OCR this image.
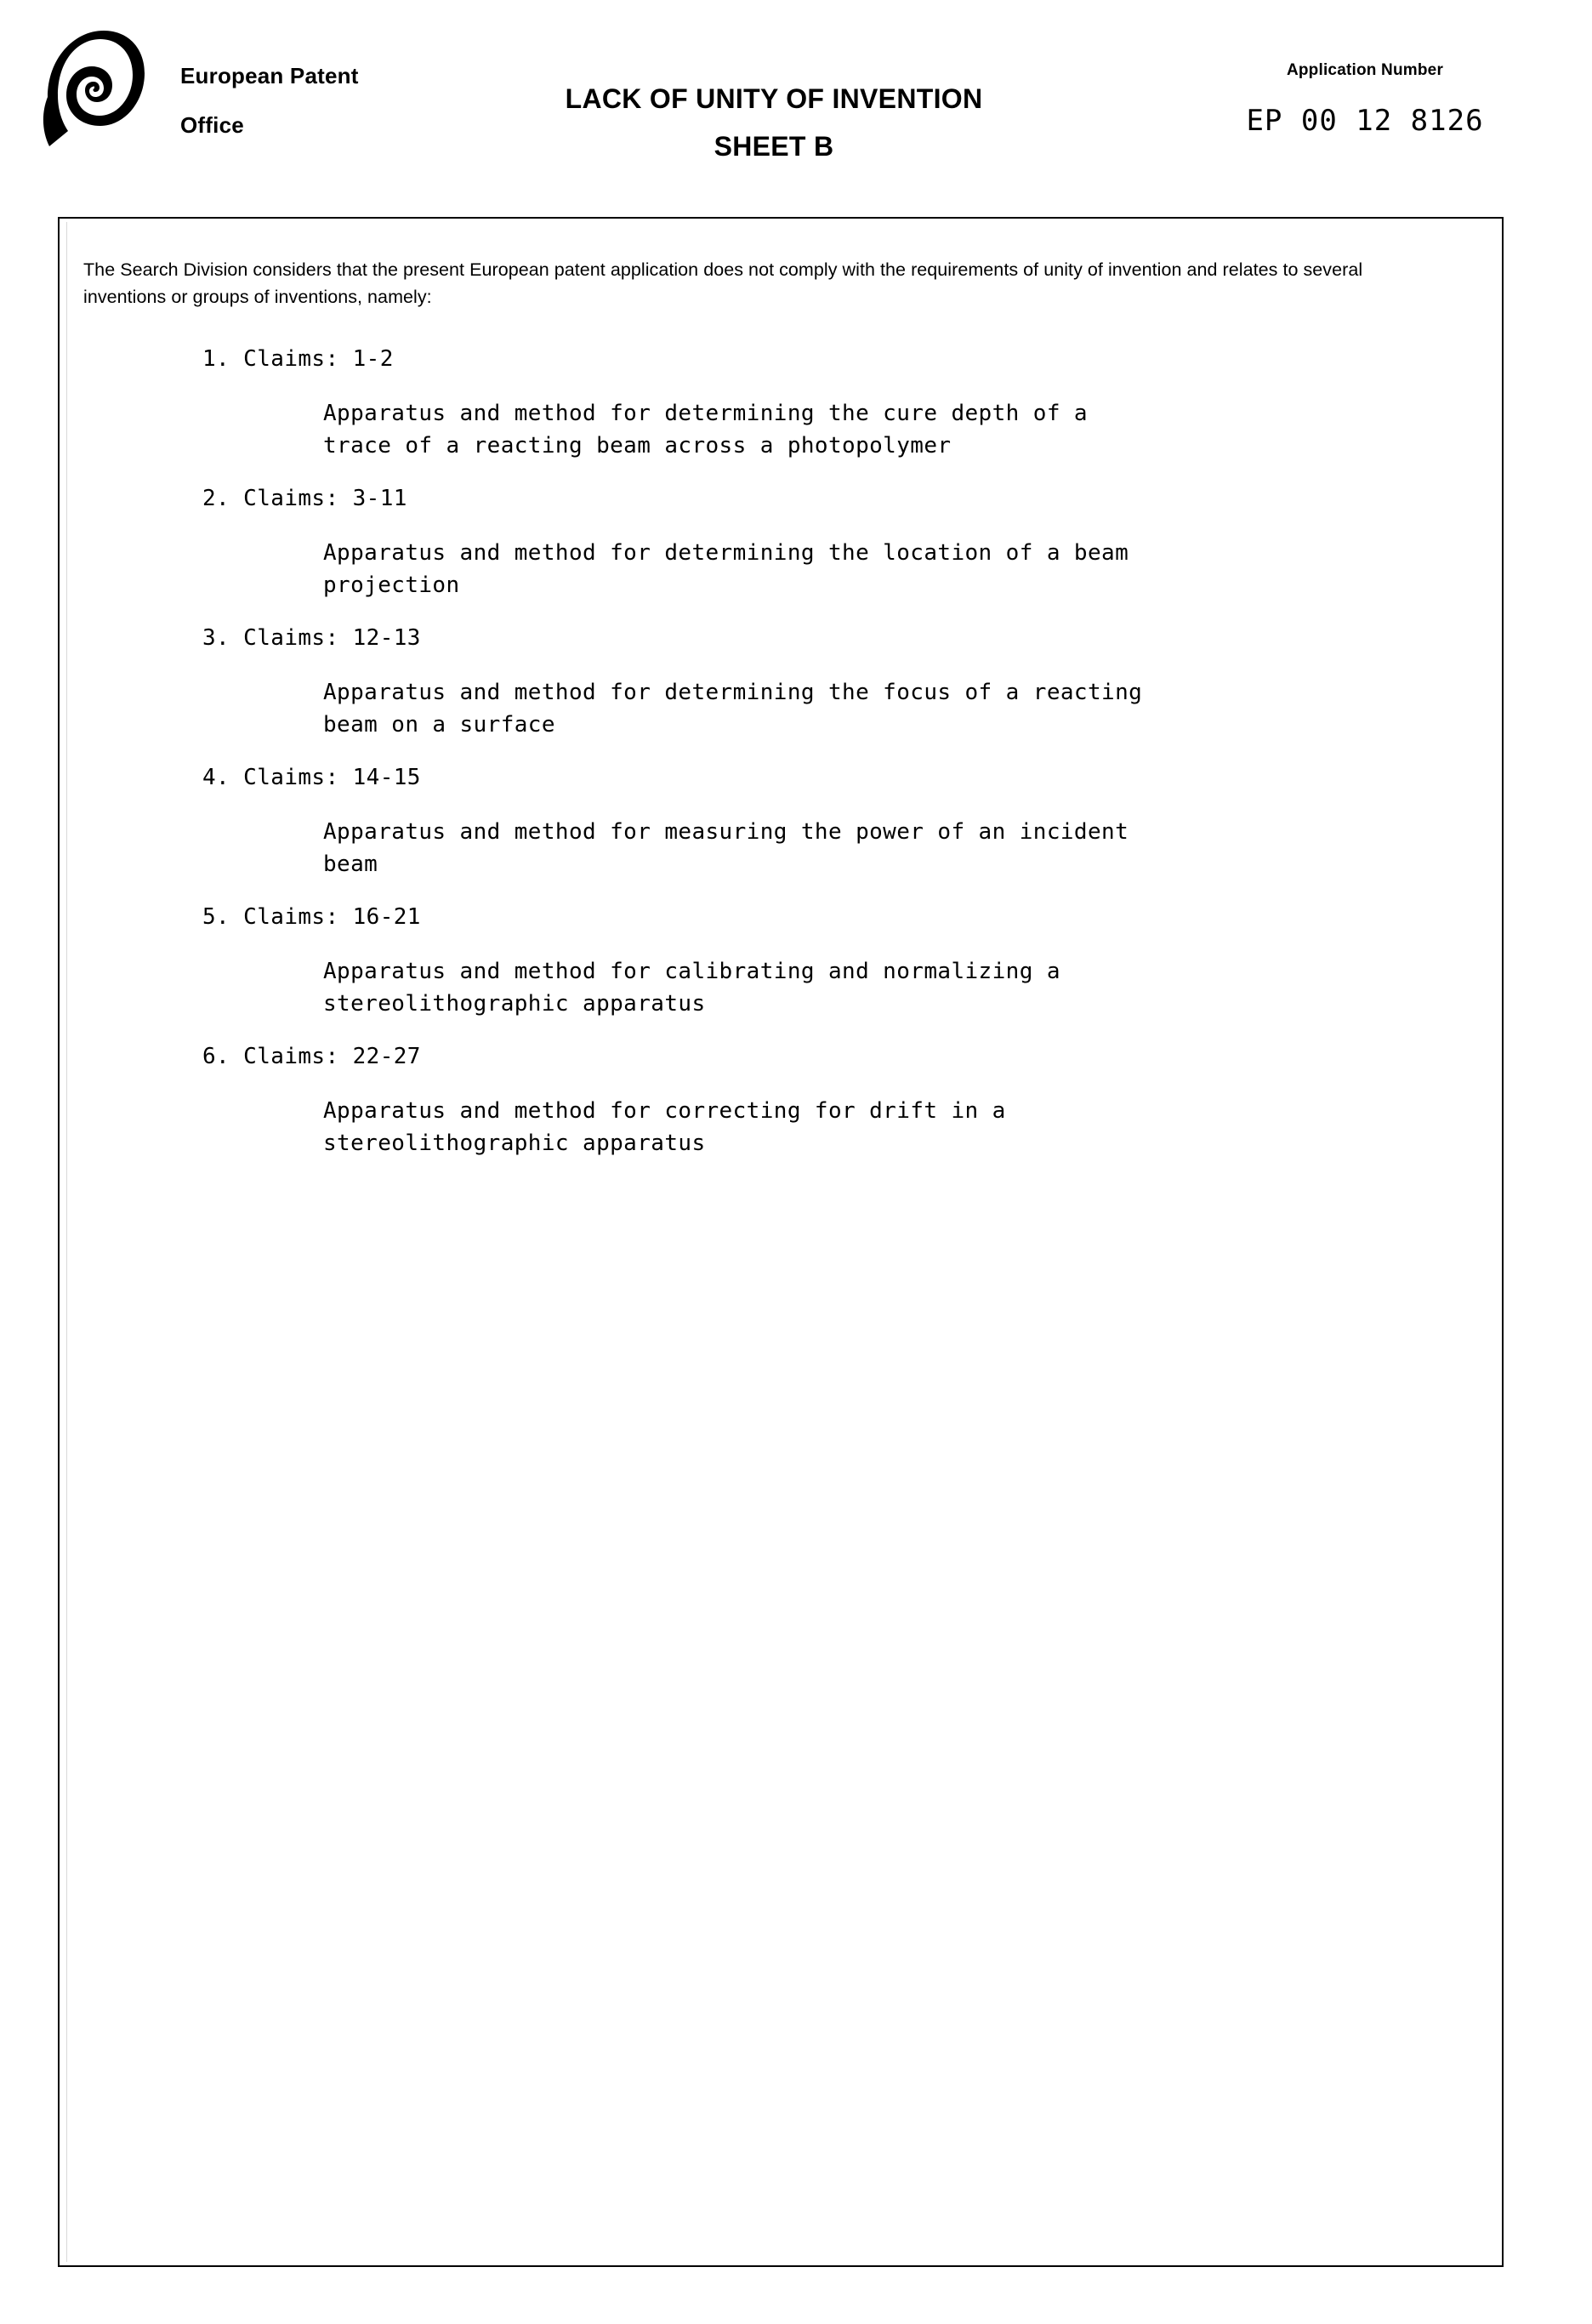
European Patent
Office
LACK OF UNITY OF INVENTION
SHEET B
Application Number
EP 00 12 8126
The Search Division considers that the present European patent application does not comply with the requirements of unity of invention and relates to several inventions or groups of inventions, namely:
1. Claims: 1-2
Apparatus and method for determining the cure depth of a
trace of a reacting beam across a photopolymer
2. Claims: 3-11
Apparatus and method for determining the location of a beam
projection
3. Claims: 12-13
Apparatus and method for determining the focus of a reacting
beam on a surface
4. Claims: 14-15
Apparatus and method for measuring the power of an incident
beam
5. Claims: 16-21
Apparatus and method for calibrating and normalizing a
stereolithographic apparatus
6. Claims: 22-27
Apparatus and method for correcting for drift in a
stereolithographic apparatus
